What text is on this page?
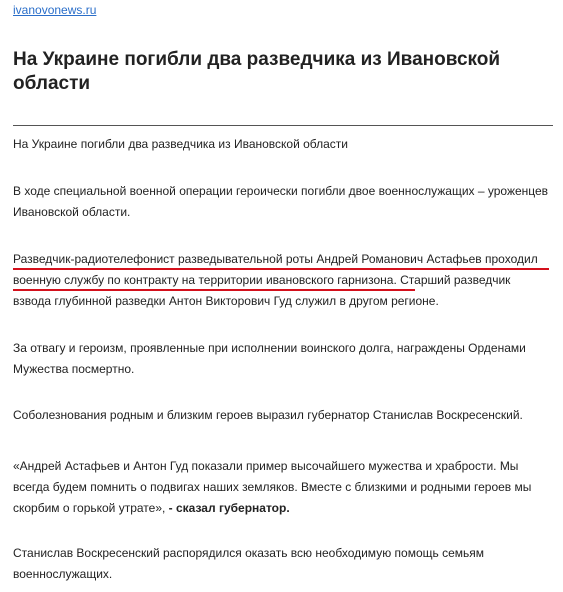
ivanovonews.ru
На Украине погибли два разведчика из Ивановской области

На Украине погибли два разведчика из Ивановской области

В ходе специальной военной операции героически погибли двое военнослужащих – уроженцев Ивановской области.

Разведчик-радиотелефонист разведывательной роты Андрей Романович Астафьев проходил военную службу по контракту на территории ивановского гарнизона. Старший разведчик взвода глубинной разведки Антон Викторович Гуд служил в другом регионе.

За отвагу и героизм, проявленные при исполнении воинского долга, награждены Орденами Мужества посмертно.

Соболезнования родным и близким героев выразил губернатор Станислав Воскресенский.

«Андрей Астафьев и Антон Гуд показали пример высочайшего мужества и храбрости. Мы всегда будем помнить о подвигах наших земляков. Вместе с близкими и родными героев мы скорбим о горькой утрате», - сказал губернатор.

Станислав Воскресенский распорядился оказать всю необходимую помощь семьям военнослужащих.
